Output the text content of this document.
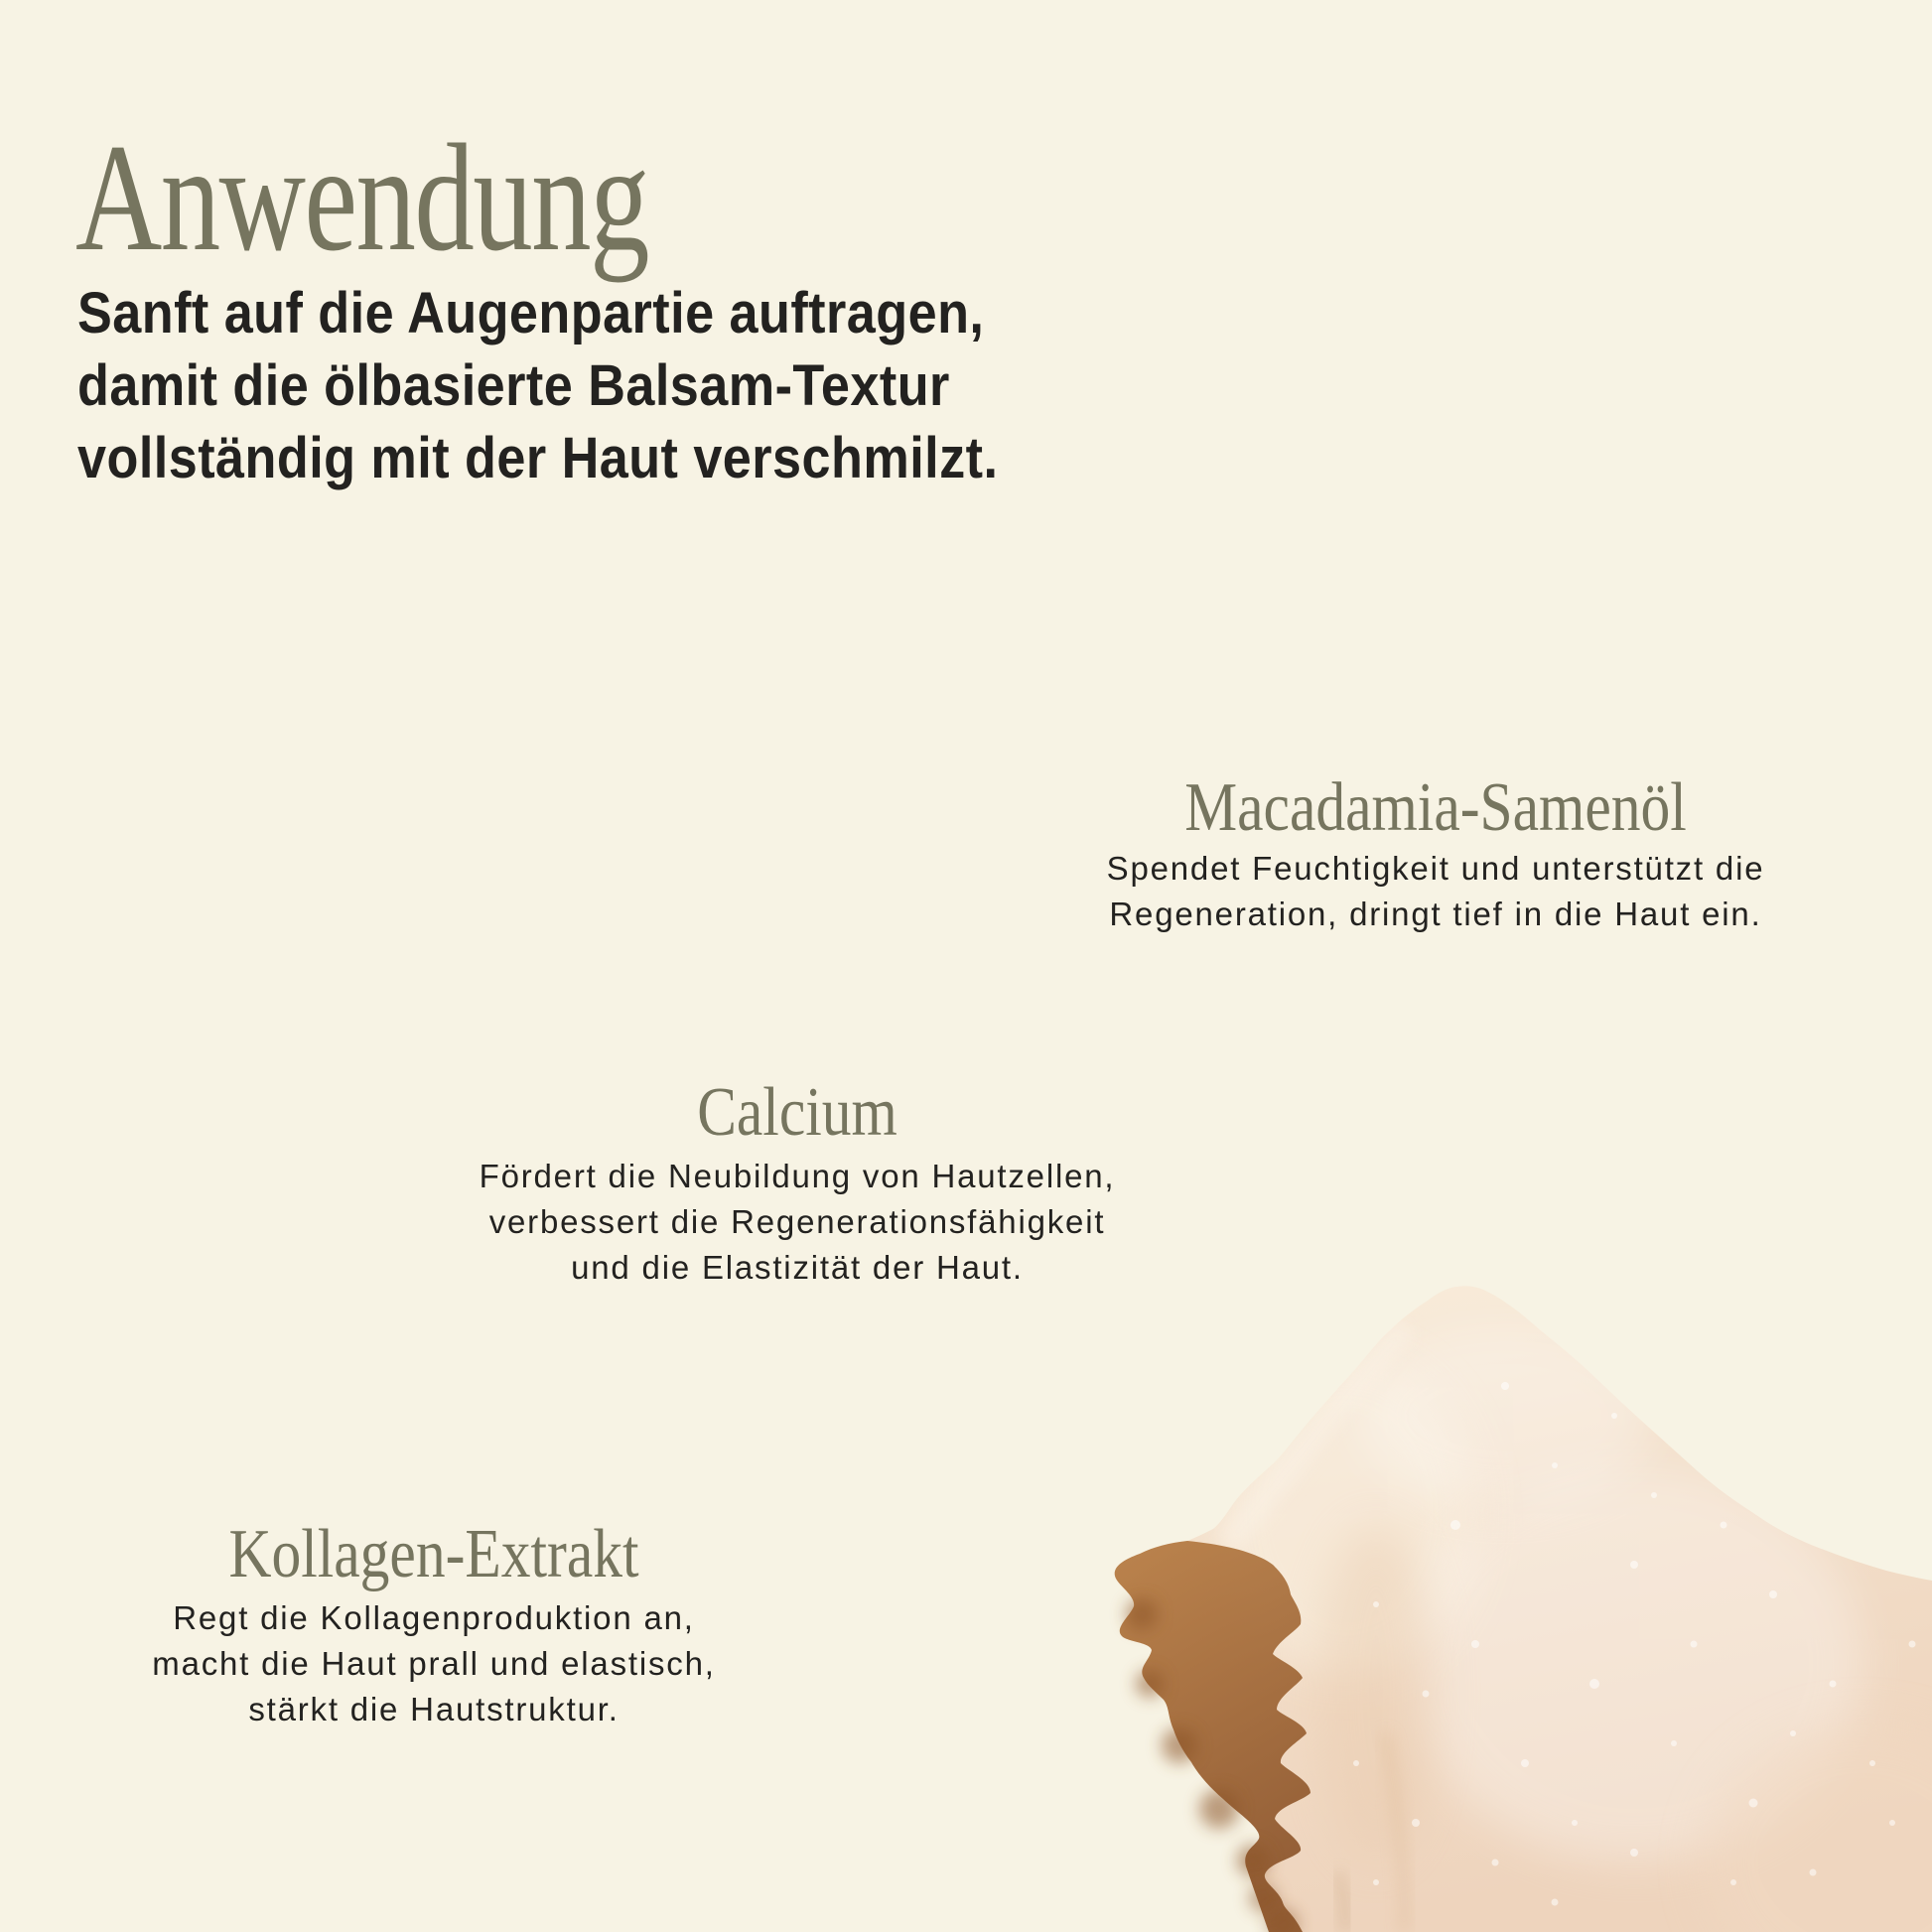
Anwendung
Sanft auf die Augenpartie auftragen,
damit die ölbasierte Balsam-Textur
vollständig mit der Haut verschmilzt.
Macadamia-Samenöl
Spendet Feuchtigkeit und unterstützt die
Regeneration, dringt tief in die Haut ein.
Calcium
Fördert die Neubildung von Hautzellen,
verbessert die Regenerationsfähigkeit
und die Elastizität der Haut.
Kollagen-Extrakt
Regt die Kollagenproduktion an,
macht die Haut prall und elastisch,
stärkt die Hautstruktur.
